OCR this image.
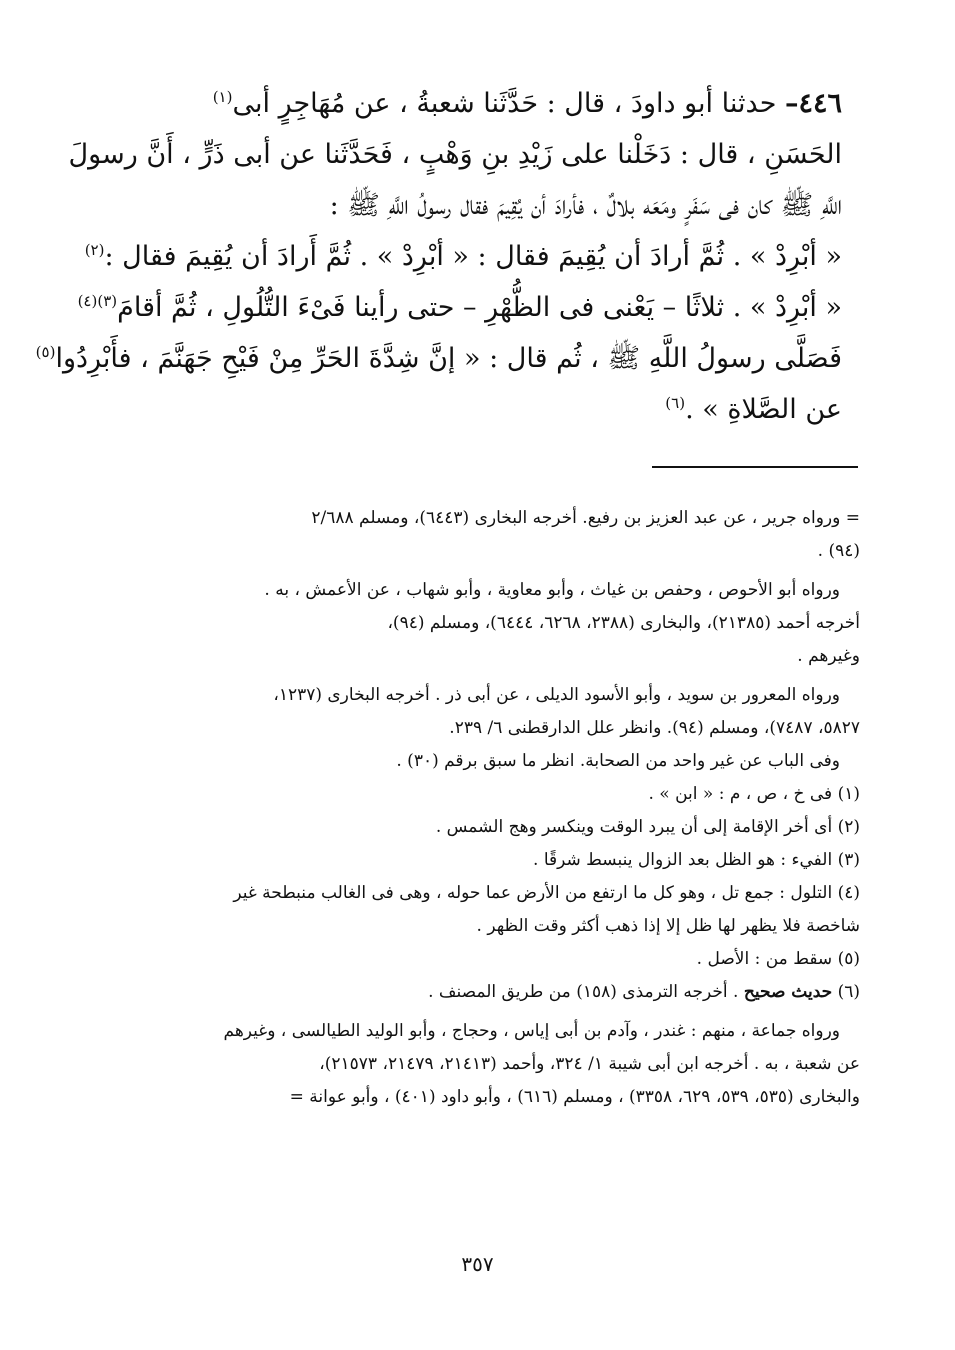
٤٤٦– حدثنا أبو داودَ ، قال : حَدَّثَنا شعبةُ ، عن مُهَاجِرٍ أبى$^{(١)}$
الحَسَنِ ، قال : دَخَلْنا على زَيْدِ بنِ وَهْبٍ ، فَحَدَّثَنا عن أبى ذَرٍّ ، أَنَّ رسولَ
اللَّهِ ﷺ كان فى سَفَرٍ ومَعَه بلالٌ ، فأرادَ أن يُقِيمَ فقال رسولُ اللَّهِ ﷺ :
« أبْرِدْ » . ثُمَّ أرادَ أن يُقِيمَ فقال : « أبْرِدْ » . ثُمَّ أَرادَ أن يُقِيمَ فقال :$^{(٢)}$
« أبْرِدْ » . ثلاثًا – يَعْنى فى الظُّهْرِ – حتى رأينا فَىْءَ التُّلُولِ ، ثُمَّ أقامَ$^{(٣)(٤)}$
فَصَلَّى رسولُ اللَّهِ ﷺ ، ثُم قال : « إنَّ شِدَّةَ الحَرِّ مِنْ فَيْحِ جَهَنَّمَ ، فأَبْرِدُوا$^{(٥)}$
عن الصَّلاةِ » .$^{(٦)}$
= ورواه جرير ، عن عبد العزيز بن رفيع. أخرجه البخارى (٦٤٤٣)، ومسلم ٢/٦٨٨
(٩٤) .
ورواه أبو الأحوص ، وحفص بن غياث ، وأبو معاوية ، وأبو شهاب ، عن الأعمش ، به .
أخرجه أحمد (٢١٣٨٥)، والبخارى (٢٣٨٨، ٦٢٦٨، ٦٤٤٤)، ومسلم (٩٤)،
وغيرهم .
ورواه المعرور بن سويد ، وأبو الأسود الديلى ، عن أبى ذر . أخرجه البخارى (١٢٣٧،
٥٨٢٧، ٧٤٨٧)، ومسلم (٩٤). وانظر علل الدارقطنى ٦/ ٢٣٩.
وفى الباب عن غير واحد من الصحابة. انظر ما سبق برقم (٣٠) .
(١) فى خ ، ص ، م : « ابن » .
(٢) أى أخر الإقامة إلى أن يبرد الوقت وينكسر وهج الشمس .
(٣) الفيء : هو الظل بعد الزوال ينبسط شرقًا .
(٤) التلول : جمع تل ، وهو كل ما ارتفع من الأرض عما حوله ، وهى فى الغالب منبطحة غير
شاخصة فلا يظهر لها ظل إلا إذا ذهب أكثر وقت الظهر .
(٥) سقط من : الأصل .
(٦) حديث صحيح . أخرجه الترمذى (١٥٨) من طريق المصنف .
ورواه جماعة ، منهم : غندر ، وآدم بن أبى إياس ، وحجاج ، وأبو الوليد الطيالسى ، وغيرهم
عن شعبة ، به . أخرجه ابن أبى شيبة ١/ ٣٢٤، وأحمد (٢١٤١٣، ٢١٤٧٩، ٢١٥٧٣)،
والبخارى (٥٣٥، ٥٣٩، ٦٢٩، ٣٣٥٨) ، ومسلم (٦١٦) ، وأبو داود (٤٠١) ، وأبو عوانة =
٣٥٧
